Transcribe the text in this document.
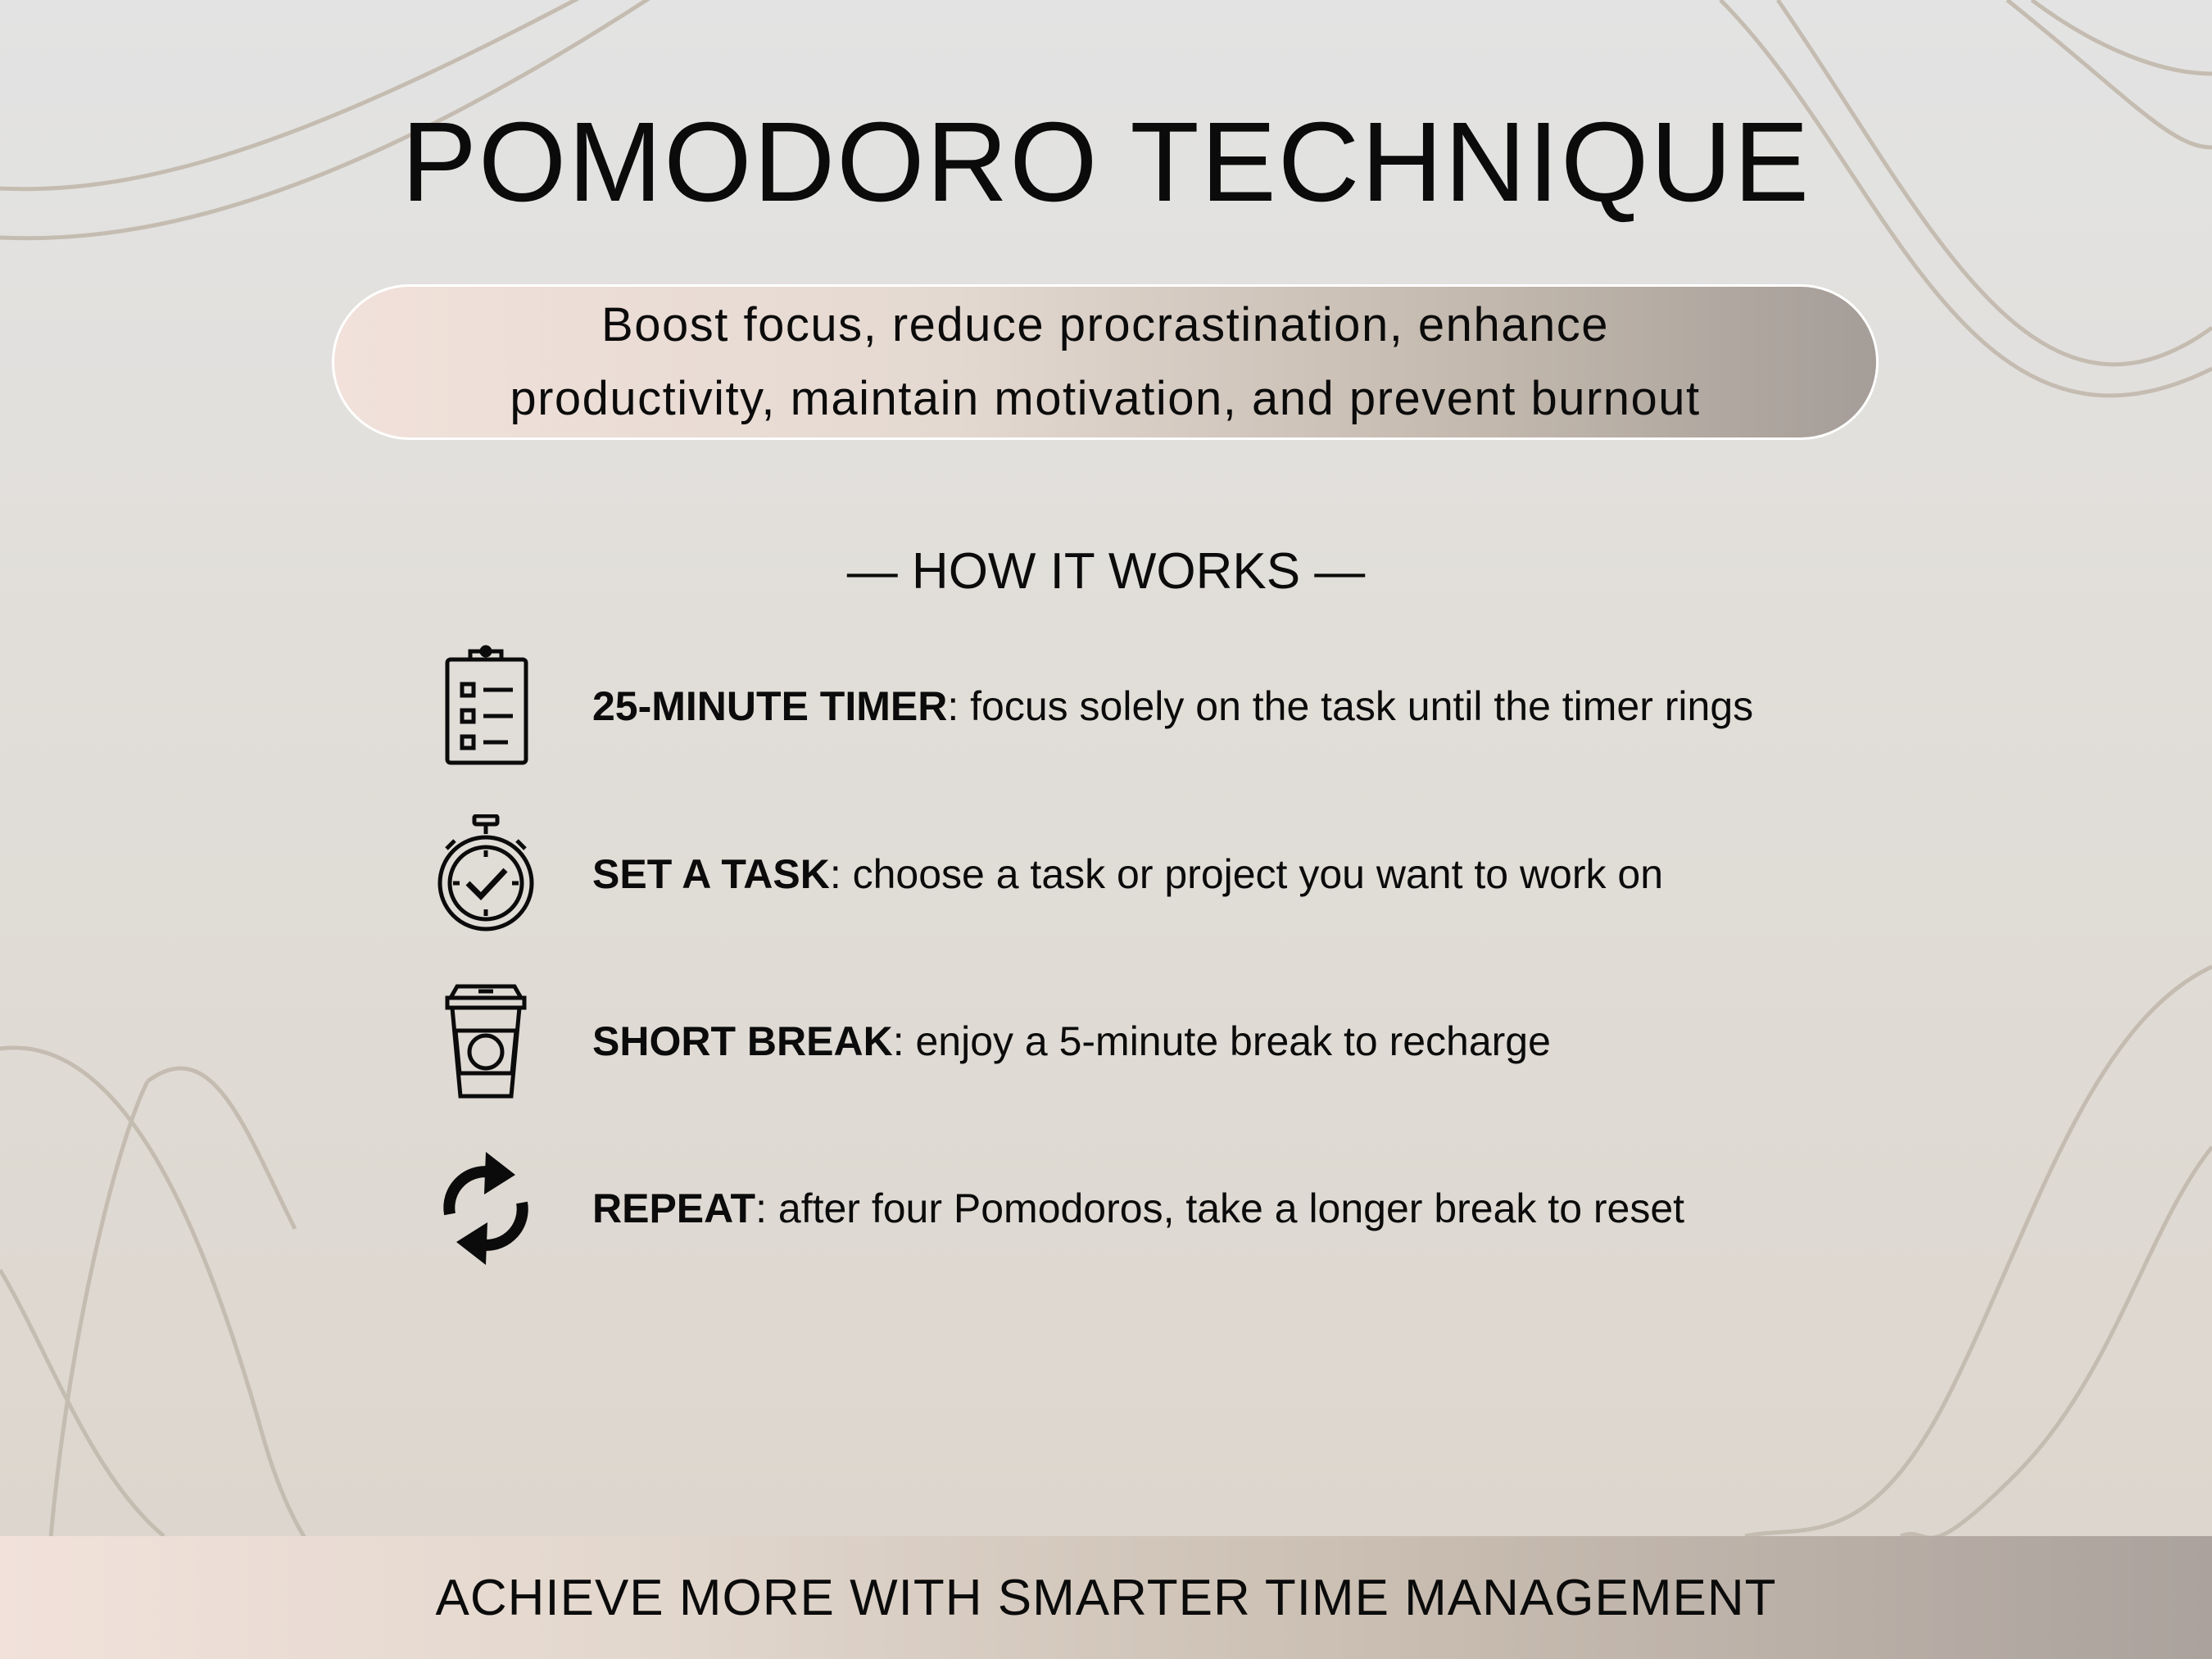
POMODORO TECHNIQUE
Boost focus, reduce procrastination, enhance
productivity, maintain motivation, and prevent burnout
— HOW IT WORKS —
25-MINUTE TIMER: focus solely on the task until the timer rings
SET A TASK: choose a task or project you want to work on
SHORT BREAK: enjoy a 5-minute break to recharge
REPEAT: after four Pomodoros, take a longer break to reset
ACHIEVE MORE WITH SMARTER TIME MANAGEMENT
